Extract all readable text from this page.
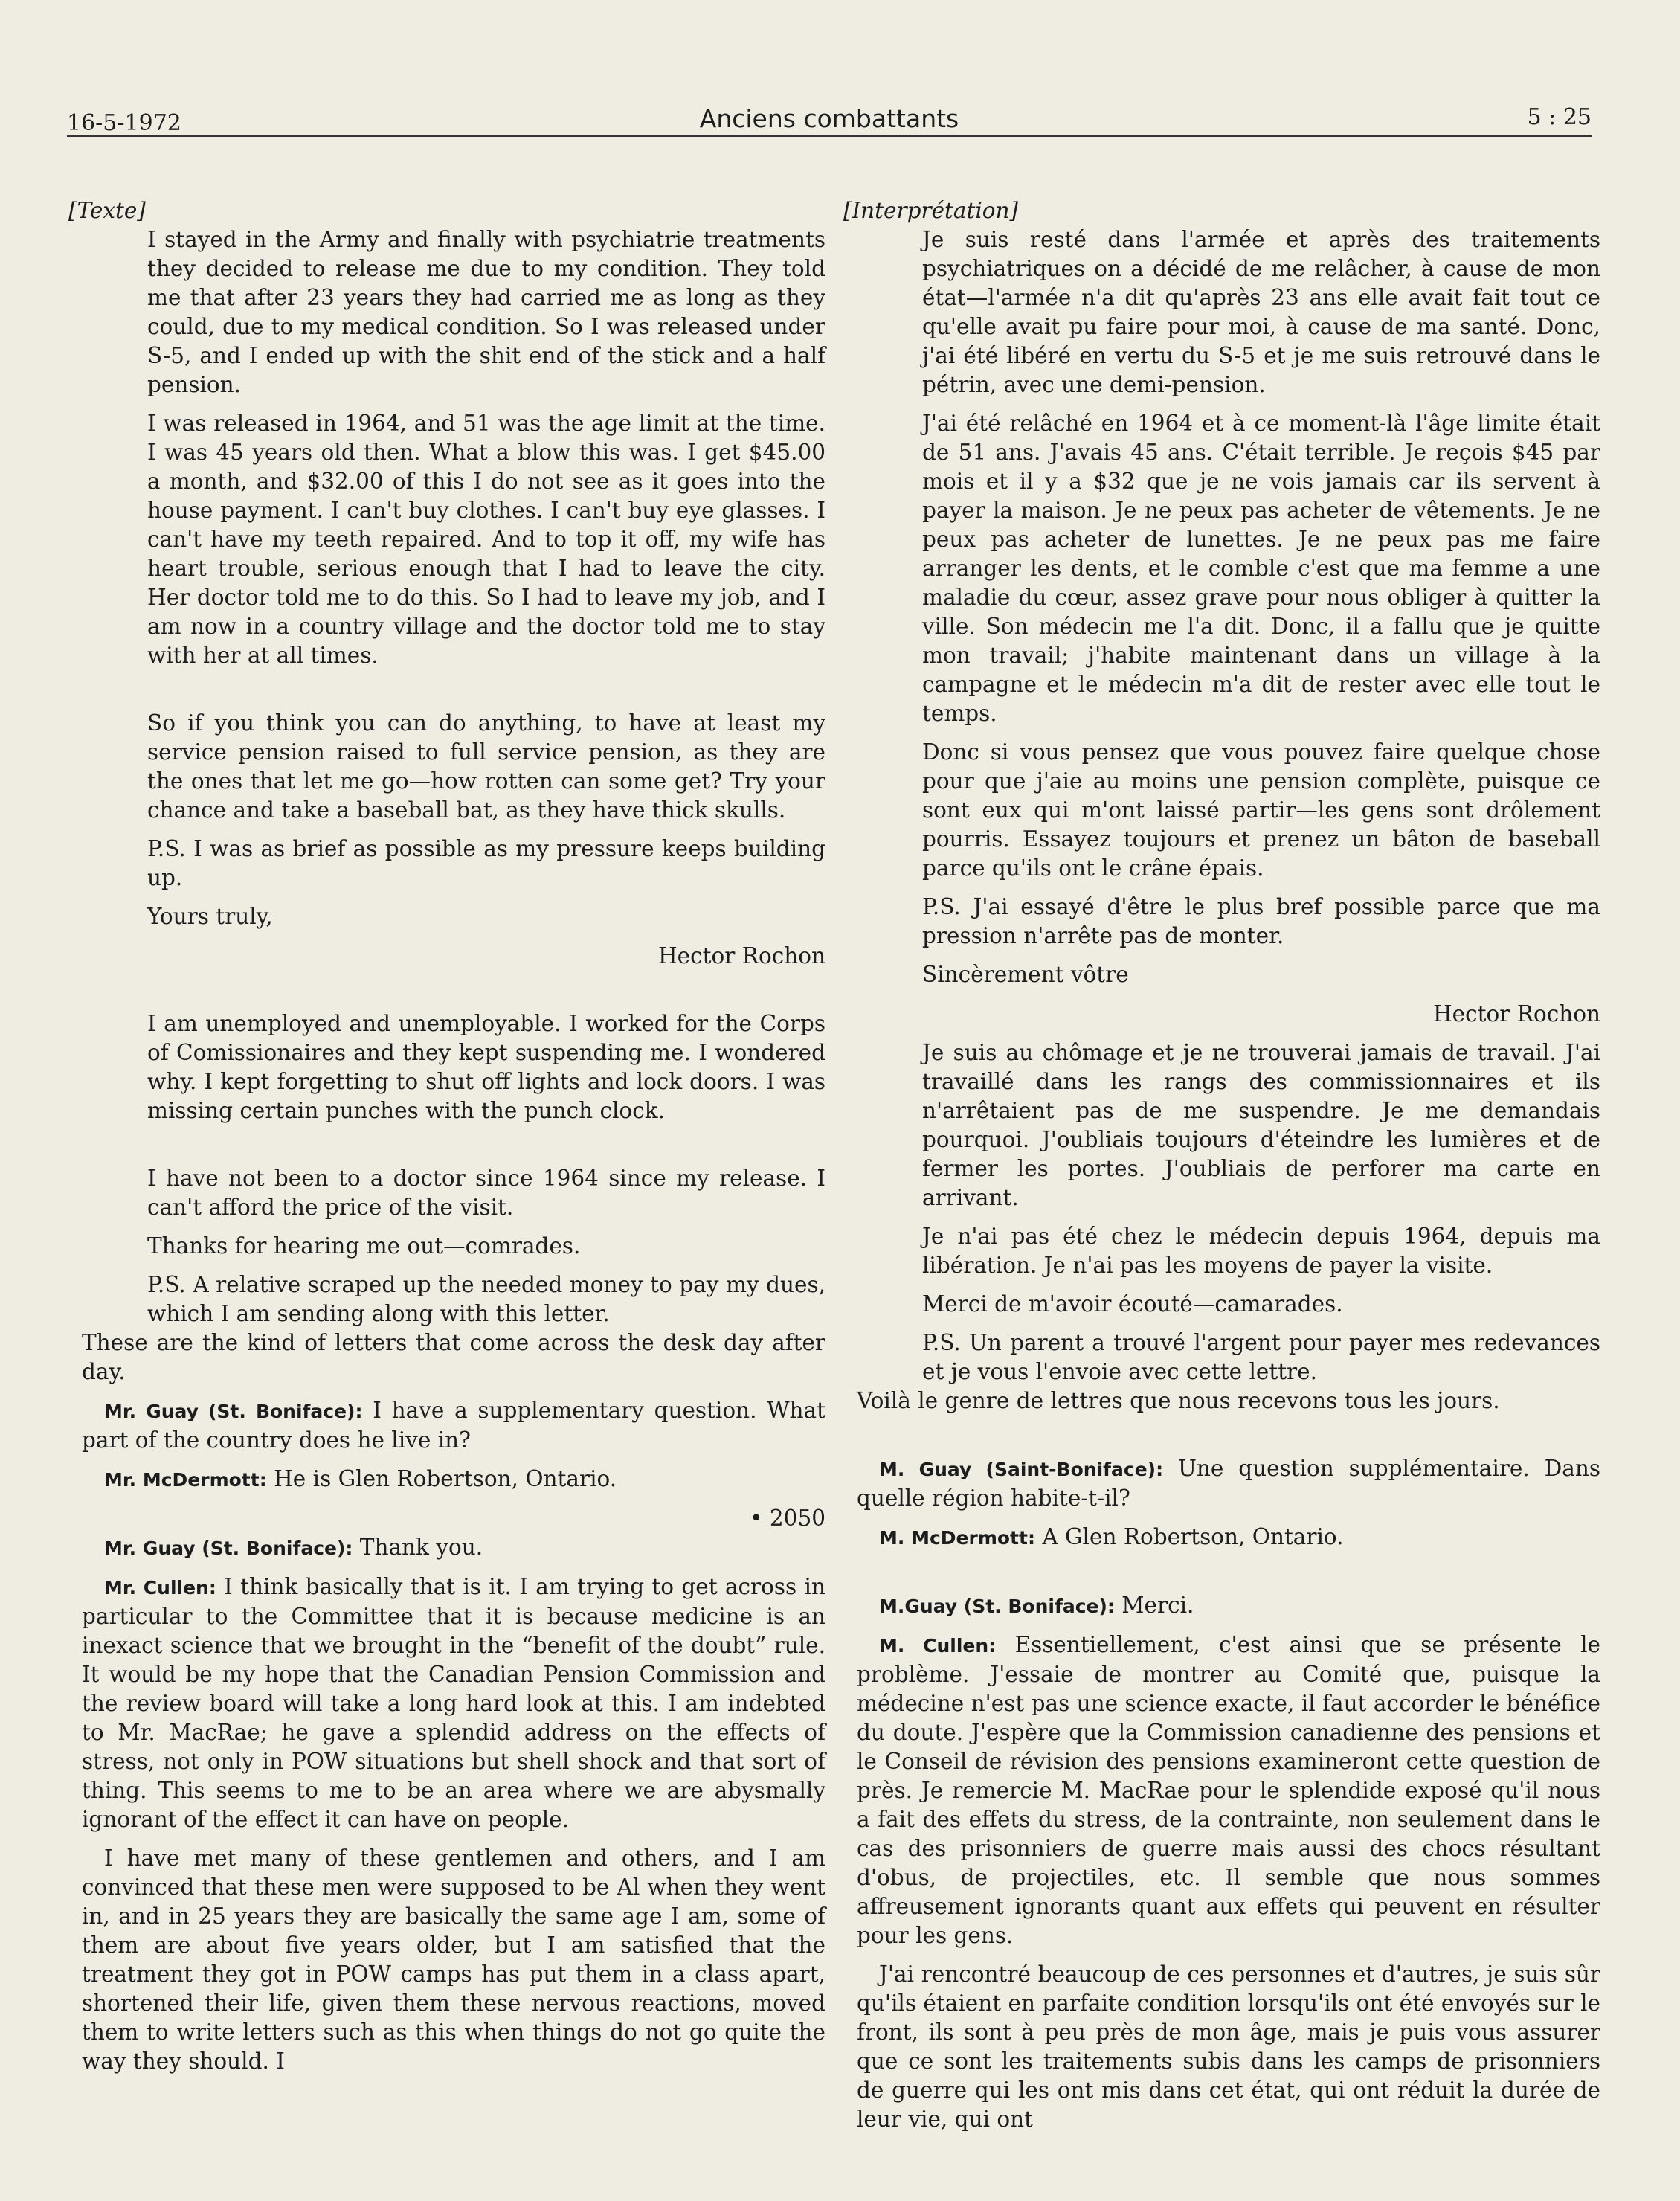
16-5-1972	Anciens combattants	5 : 25

[Texte]

I stayed in the Army and finally with psychiatrie treatments they decided to release me due to my condition. They told me that after 23 years they had carried me as long as they could, due to my medical condition. So I was released under S-5, and I ended up with the shit end of the stick and a half pension.

I was released in 1964, and 51 was the age limit at the time. I was 45 years old then. What a blow this was. I get $45.00 a month, and $32.00 of this I do not see as it goes into the house payment. I can't buy clothes. I can't buy eye glasses. I can't have my teeth repaired. And to top it off, my wife has heart trouble, serious enough that I had to leave the city. Her doctor told me to do this. So I had to leave my job, and I am now in a country village and the doctor told me to stay with her at all times.

So if you think you can do anything, to have at least my service pension raised to full service pension, as they are the ones that let me go—how rotten can some get? Try your chance and take a baseball bat, as they have thick skulls.

P.S. I was as brief as possible as my pressure keeps building up.

Yours truly,

Hector Rochon

I am unemployed and unemployable. I worked for the Corps of Comissionaires and they kept suspending me. I wondered why. I kept forgetting to shut off lights and lock doors. I was missing certain punches with the punch clock.

I have not been to a doctor since 1964 since my release. I can't afford the price of the visit.

Thanks for hearing me out—comrades.

P.S. A relative scraped up the needed money to pay my dues, which I am sending along with this letter.

These are the kind of letters that come across the desk day after day.

Mr. Guay (St. Boniface): I have a supplementary question. What part of the country does he live in?

Mr. McDermott: He is Glen Robertson, Ontario.

• 2050

Mr. Guay (St. Boniface): Thank you.

Mr. Cullen: I think basically that is it. I am trying to get across in particular to the Committee that it is because medicine is an inexact science that we brought in the “benefit of the doubt” rule. It would be my hope that the Canadian Pension Commission and the review board will take a long hard look at this. I am indebted to Mr. MacRae; he gave a splendid address on the effects of stress, not only in POW situations but shell shock and that sort of thing. This seems to me to be an area where we are abysmally ignorant of the effect it can have on people.

I have met many of these gentlemen and others, and I am convinced that these men were supposed to be Al when they went in, and in 25 years they are basically the same age I am, some of them are about five years older, but I am satisfied that the treatment they got in POW camps has put them in a class apart, shortened their life, given them these nervous reactions, moved them to write letters such as this when things do not go quite the way they should. I

[Interprétation]

Je suis resté dans l'armée et après des traitements psychiatriques on a décidé de me relâcher, à cause de mon état—l'armée n'a dit qu'après 23 ans elle avait fait tout ce qu'elle avait pu faire pour moi, à cause de ma santé. Donc, j'ai été libéré en vertu du S-5 et je me suis retrouvé dans le pétrin, avec une demi-pension.

J'ai été relâché en 1964 et à ce moment-là l'âge limite était de 51 ans. J'avais 45 ans. C'était terrible. Je reçois $45 par mois et il y a $32 que je ne vois jamais car ils servent à payer la maison. Je ne peux pas acheter de vêtements. Je ne peux pas acheter de lunettes. Je ne peux pas me faire arranger les dents, et le comble c'est que ma femme a une maladie du cœur, assez grave pour nous obliger à quitter la ville. Son médecin me l'a dit. Donc, il a fallu que je quitte mon travail; j'habite maintenant dans un village à la campagne et le médecin m'a dit de rester avec elle tout le temps.

Donc si vous pensez que vous pouvez faire quelque chose pour que j'aie au moins une pension complète, puisque ce sont eux qui m'ont laissé partir—les gens sont drôlement pourris. Essayez toujours et prenez un bâton de baseball parce qu'ils ont le crâne épais.

P.S. J'ai essayé d'être le plus bref possible parce que ma pression n'arrête pas de monter.

Sincèrement vôtre

Hector Rochon

Je suis au chômage et je ne trouverai jamais de travail. J'ai travaillé dans les rangs des commissionnaires et ils n'arrêtaient pas de me suspendre. Je me demandais pourquoi. J'oubliais toujours d'éteindre les lumières et de fermer les portes. J'oubliais de perforer ma carte en arrivant.

Je n'ai pas été chez le médecin depuis 1964, depuis ma libération. Je n'ai pas les moyens de payer la visite.

Merci de m'avoir écouté—camarades.

P.S. Un parent a trouvé l'argent pour payer mes redevances et je vous l'envoie avec cette lettre.

Voilà le genre de lettres que nous recevons tous les jours.

M. Guay (Saint-Boniface): Une question supplémentaire. Dans quelle région habite-t-il?

M. McDermott: A Glen Robertson, Ontario.

M.Guay (St. Boniface): Merci.

M. Cullen: Essentiellement, c'est ainsi que se présente le problème. J'essaie de montrer au Comité que, puisque la médecine n'est pas une science exacte, il faut accorder le bénéfice du doute. J'espère que la Commission canadienne des pensions et le Conseil de révision des pensions examineront cette question de près. Je remercie M. MacRae pour le splendide exposé qu'il nous a fait des effets du stress, de la contrainte, non seulement dans le cas des prisonniers de guerre mais aussi des chocs résultant d'obus, de projectiles, etc. Il semble que nous sommes affreusement ignorants quant aux effets qui peuvent en résulter pour les gens.

J'ai rencontré beaucoup de ces personnes et d'autres, je suis sûr qu'ils étaient en parfaite condition lorsqu'ils ont été envoyés sur le front, ils sont à peu près de mon âge, mais je puis vous assurer que ce sont les traitements subis dans les camps de prisonniers de guerre qui les ont mis dans cet état, qui ont réduit la durée de leur vie, qui ont
